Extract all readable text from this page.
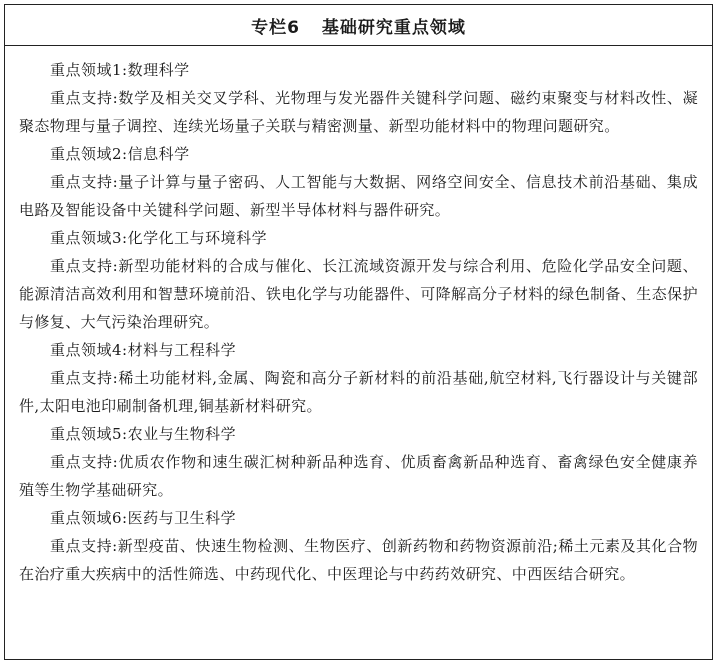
专栏6 基础研究重点领域
重点领域1:数理科学
重点支持:数学及相关交叉学科、光物理与发光器件关键科学问题、磁约束聚变与材料改性、凝聚态物理与量子调控、连续光场量子关联与精密测量、新型功能材料中的物理问题研究。
重点领域2:信息科学
重点支持:量子计算与量子密码、人工智能与大数据、网络空间安全、信息技术前沿基础、集成电路及智能设备中关键科学问题、新型半导体材料与器件研究。
重点领域3:化学化工与环境科学
重点支持:新型功能材料的合成与催化、长江流域资源开发与综合利用、危险化学品安全问题、能源清洁高效利用和智慧环境前沿、铁电化学与功能器件、可降解高分子材料的绿色制备、生态保护与修复、大气污染治理研究。
重点领域4:材料与工程科学
重点支持:稀土功能材料,金属、陶瓷和高分子新材料的前沿基础,航空材料,飞行器设计与关键部件,太阳电池印刷制备机理,铜基新材料研究。
重点领域5:农业与生物科学
重点支持:优质农作物和速生碳汇树种新品种选育、优质畜禽新品种选育、畜禽绿色安全健康养殖等生物学基础研究。
重点领域6:医药与卫生科学
重点支持:新型疫苗、快速生物检测、生物医疗、创新药物和药物资源前沿;稀土元素及其化合物在治疗重大疾病中的活性筛选、中药现代化、中医理论与中药药效研究、中西医结合研究。
